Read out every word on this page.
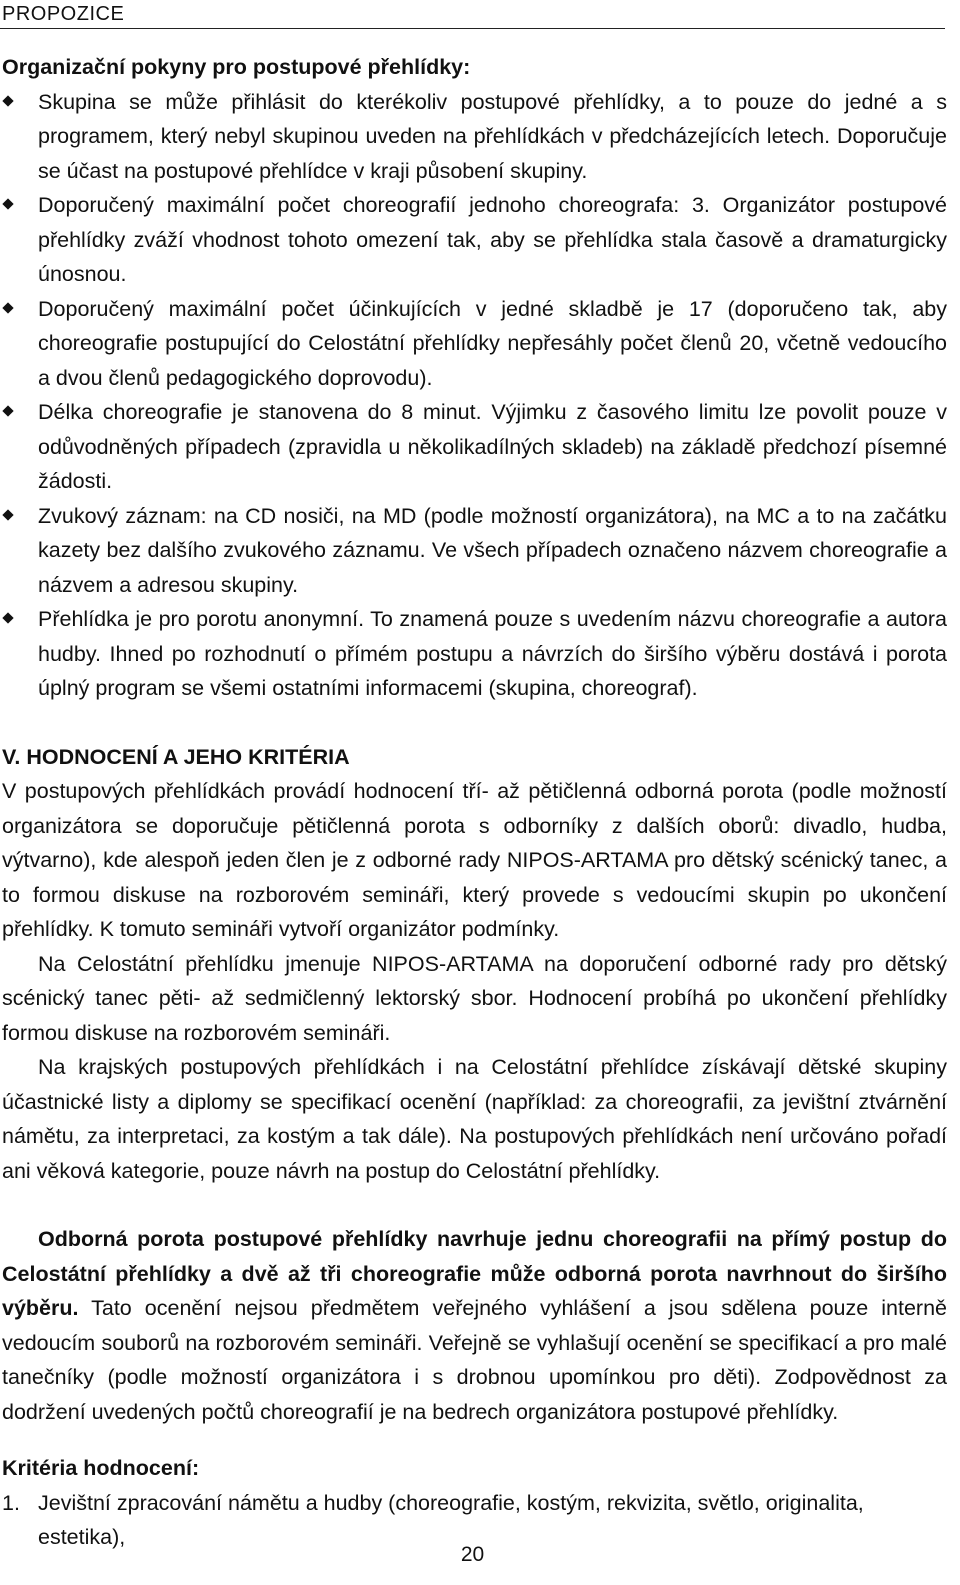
PROPOZICE
Organizační pokyny pro postupové přehlídky:
Skupina se může přihlásit do kterékoliv postupové přehlídky, a to pouze do jedné a s programem, který nebyl skupinou uveden na přehlídkách v předcházejících letech. Doporučuje se účast na postupové přehlídce v kraji působení skupiny.
Doporučený maximální počet choreografií jednoho choreografa: 3. Organizátor postupové přehlídky zváží vhodnost tohoto omezení tak, aby se přehlídka stala časově a dramaturgicky únosnou.
Doporučený maximální počet účinkujících v jedné skladbě je 17 (doporučeno tak, aby choreografie postupující do Celostátní přehlídky nepřesáhly počet členů 20, včetně vedoucího a dvou členů pedagogického doprovodu).
Délka choreografie je stanovena do 8 minut. Výjimku z časového limitu lze povolit pouze v odůvodněných případech (zpravidla u několikadílných skladeb) na základě předchozí písemné žádosti.
Zvukový záznam: na CD nosiči, na MD (podle možností organizátora), na MC a to na začátku kazety bez dalšího zvukového záznamu. Ve všech případech označeno názvem choreografie a názvem a adresou skupiny.
Přehlídka je pro porotu anonymní. To znamená pouze s uvedením názvu choreografie a autora hudby. Ihned po rozhodnutí o přímém postupu a návrzích do širšího výběru dostává i porota úplný program se všemi ostatními informacemi (skupina, choreograf).
V. HODNOCENÍ A JEHO KRITÉRIA
V postupových přehlídkách provádí hodnocení tří- až pětičlenná odborná porota (podle možností organizátora se doporučuje pětičlenná porota s odborníky z dalších oborů: divadlo, hudba, výtvarno), kde alespoň jeden člen je z odborné rady NIPOS-ARTAMA pro dětský scénický tanec, a to formou diskuse na rozborovém semináři, který provede s vedoucími skupin po ukončení přehlídky. K tomuto semináři vytvoří organizátor podmínky.
Na Celostátní přehlídku jmenuje NIPOS-ARTAMA na doporučení odborné rady pro dětský scénický tanec pěti- až sedmičlenný lektorský sbor. Hodnocení probíhá po ukončení přehlídky formou diskuse na rozborovém semináři.
Na krajských postupových přehlídkách i na Celostátní přehlídce získávají dětské skupiny účastnické listy a diplomy se specifikací ocenění (například: za choreografii, za jevištní ztvárnění námětu, za interpretaci, za kostým a tak dále). Na postupových přehlídkách není určováno pořadí ani věková kategorie, pouze návrh na postup do Celostátní přehlídky.
Odborná porota postupové přehlídky navrhuje jednu choreografii na přímý postup do Celostátní přehlídky a dvě až tři choreografie může odborná porota navrhnout do širšího výběru. Tato ocenění nejsou předmětem veřejného vyhlášení a jsou sdělena pouze interně vedoucím souborů na rozborovém semináři. Veřejně se vyhlašují ocenění se specifikací a pro malé tanečníky (podle možností organizátora i s drobnou upomínkou pro děti). Zodpovědnost za dodržení uvedených počtů choreografií je na bedrech organizátora postupové přehlídky.
Kritéria hodnocení:
1. Jevištní zpracování námětu a hudby (choreografie, kostým, rekvizita, světlo, originalita, estetika),
20
